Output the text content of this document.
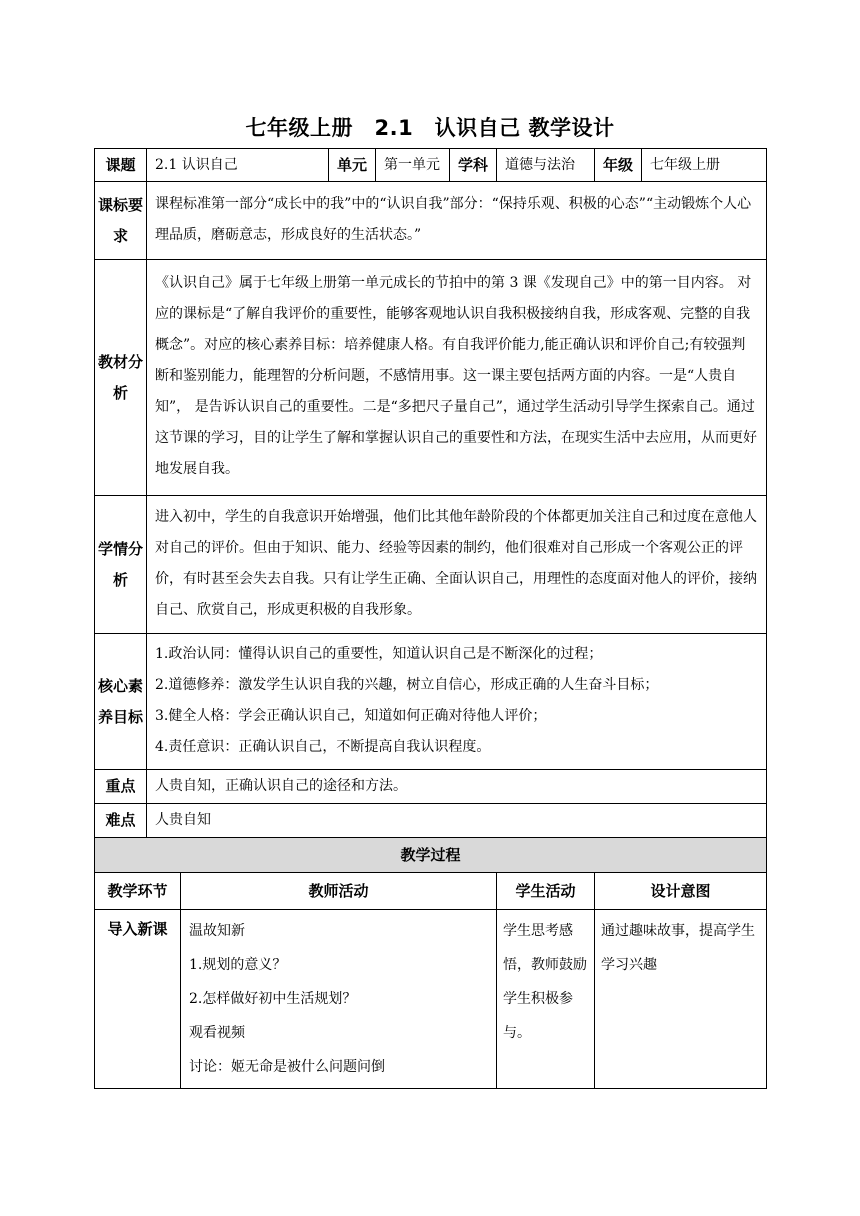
七年级上册　2.1　认识自己 教学设计
课题	2.1 认识自己		单元	第一单元	学科	道德与法治	年级	七年级上册
课标要求	课程标准第一部分“成长中的我”中的“认识自我”部分：“保持乐观、积极的心态”“主动锻炼个人心理品质，磨砺意志，形成良好的生活状态。”							
教材分析	《认识自己》属于七年级上册第一单元成长的节拍中的第 3 课《发现自己》中的第一目内容。 对应的课标是“了解自我评价的重要性，能够客观地认识自我积极接纳自我，形成客观、完整的自我概念”。对应的核心素养目标：培养健康人格。有自我评价能力,能正确认识和评价自己;有较强判断和鉴别能力，能理智的分析问题，不感情用事。这一课主要包括两方面的内容。一是“人贵自知”， 是告诉认识自己的重要性。二是“多把尺子量自己”，通过学生活动引导学生探索自己。通过这节课的学习，目的让学生了解和掌握认识自己的重要性和方法，在现实生活中去应用，从而更好地发展自我。							
学情分析	进入初中，学生的自我意识开始增强，他们比其他年龄阶段的个体都更加关注自己和过度在意他人对自己的评价。但由于知识、能力、经验等因素的制约，他们很难对自己形成一个客观公正的评价，有时甚至会失去自我。只有让学生正确、全面认识自己，用理性的态度面对他人的评价，接纳自己、欣赏自己，形成更积极的自我形象。							
核心素养目标	1.政治认同：懂得认识自己的重要性，知道认识自己是不断深化的过程；

2.道德修养：激发学生认识自我的兴趣，树立自信心，形成正确的人生奋斗目标；

3.健全人格：学会正确认识自己，知道如何正确对待他人评价；

4.责任意识：正确认识自己，不断提高自我认识程度。							

重点	人贵自知，正确认识自己的途径和方法。							
难点	人贵自知							
教学过程								
教学环节		教师活动				学生活动	设计意图	
导入新课		温故知新
1.规划的意义？
2.怎样做好初中生活规划？
观看视频
讨论：姬无命是被什么问题问倒				学生思考感悟，教师鼓励学生积极参与。	通过趣味故事，提高学生学习兴趣	
